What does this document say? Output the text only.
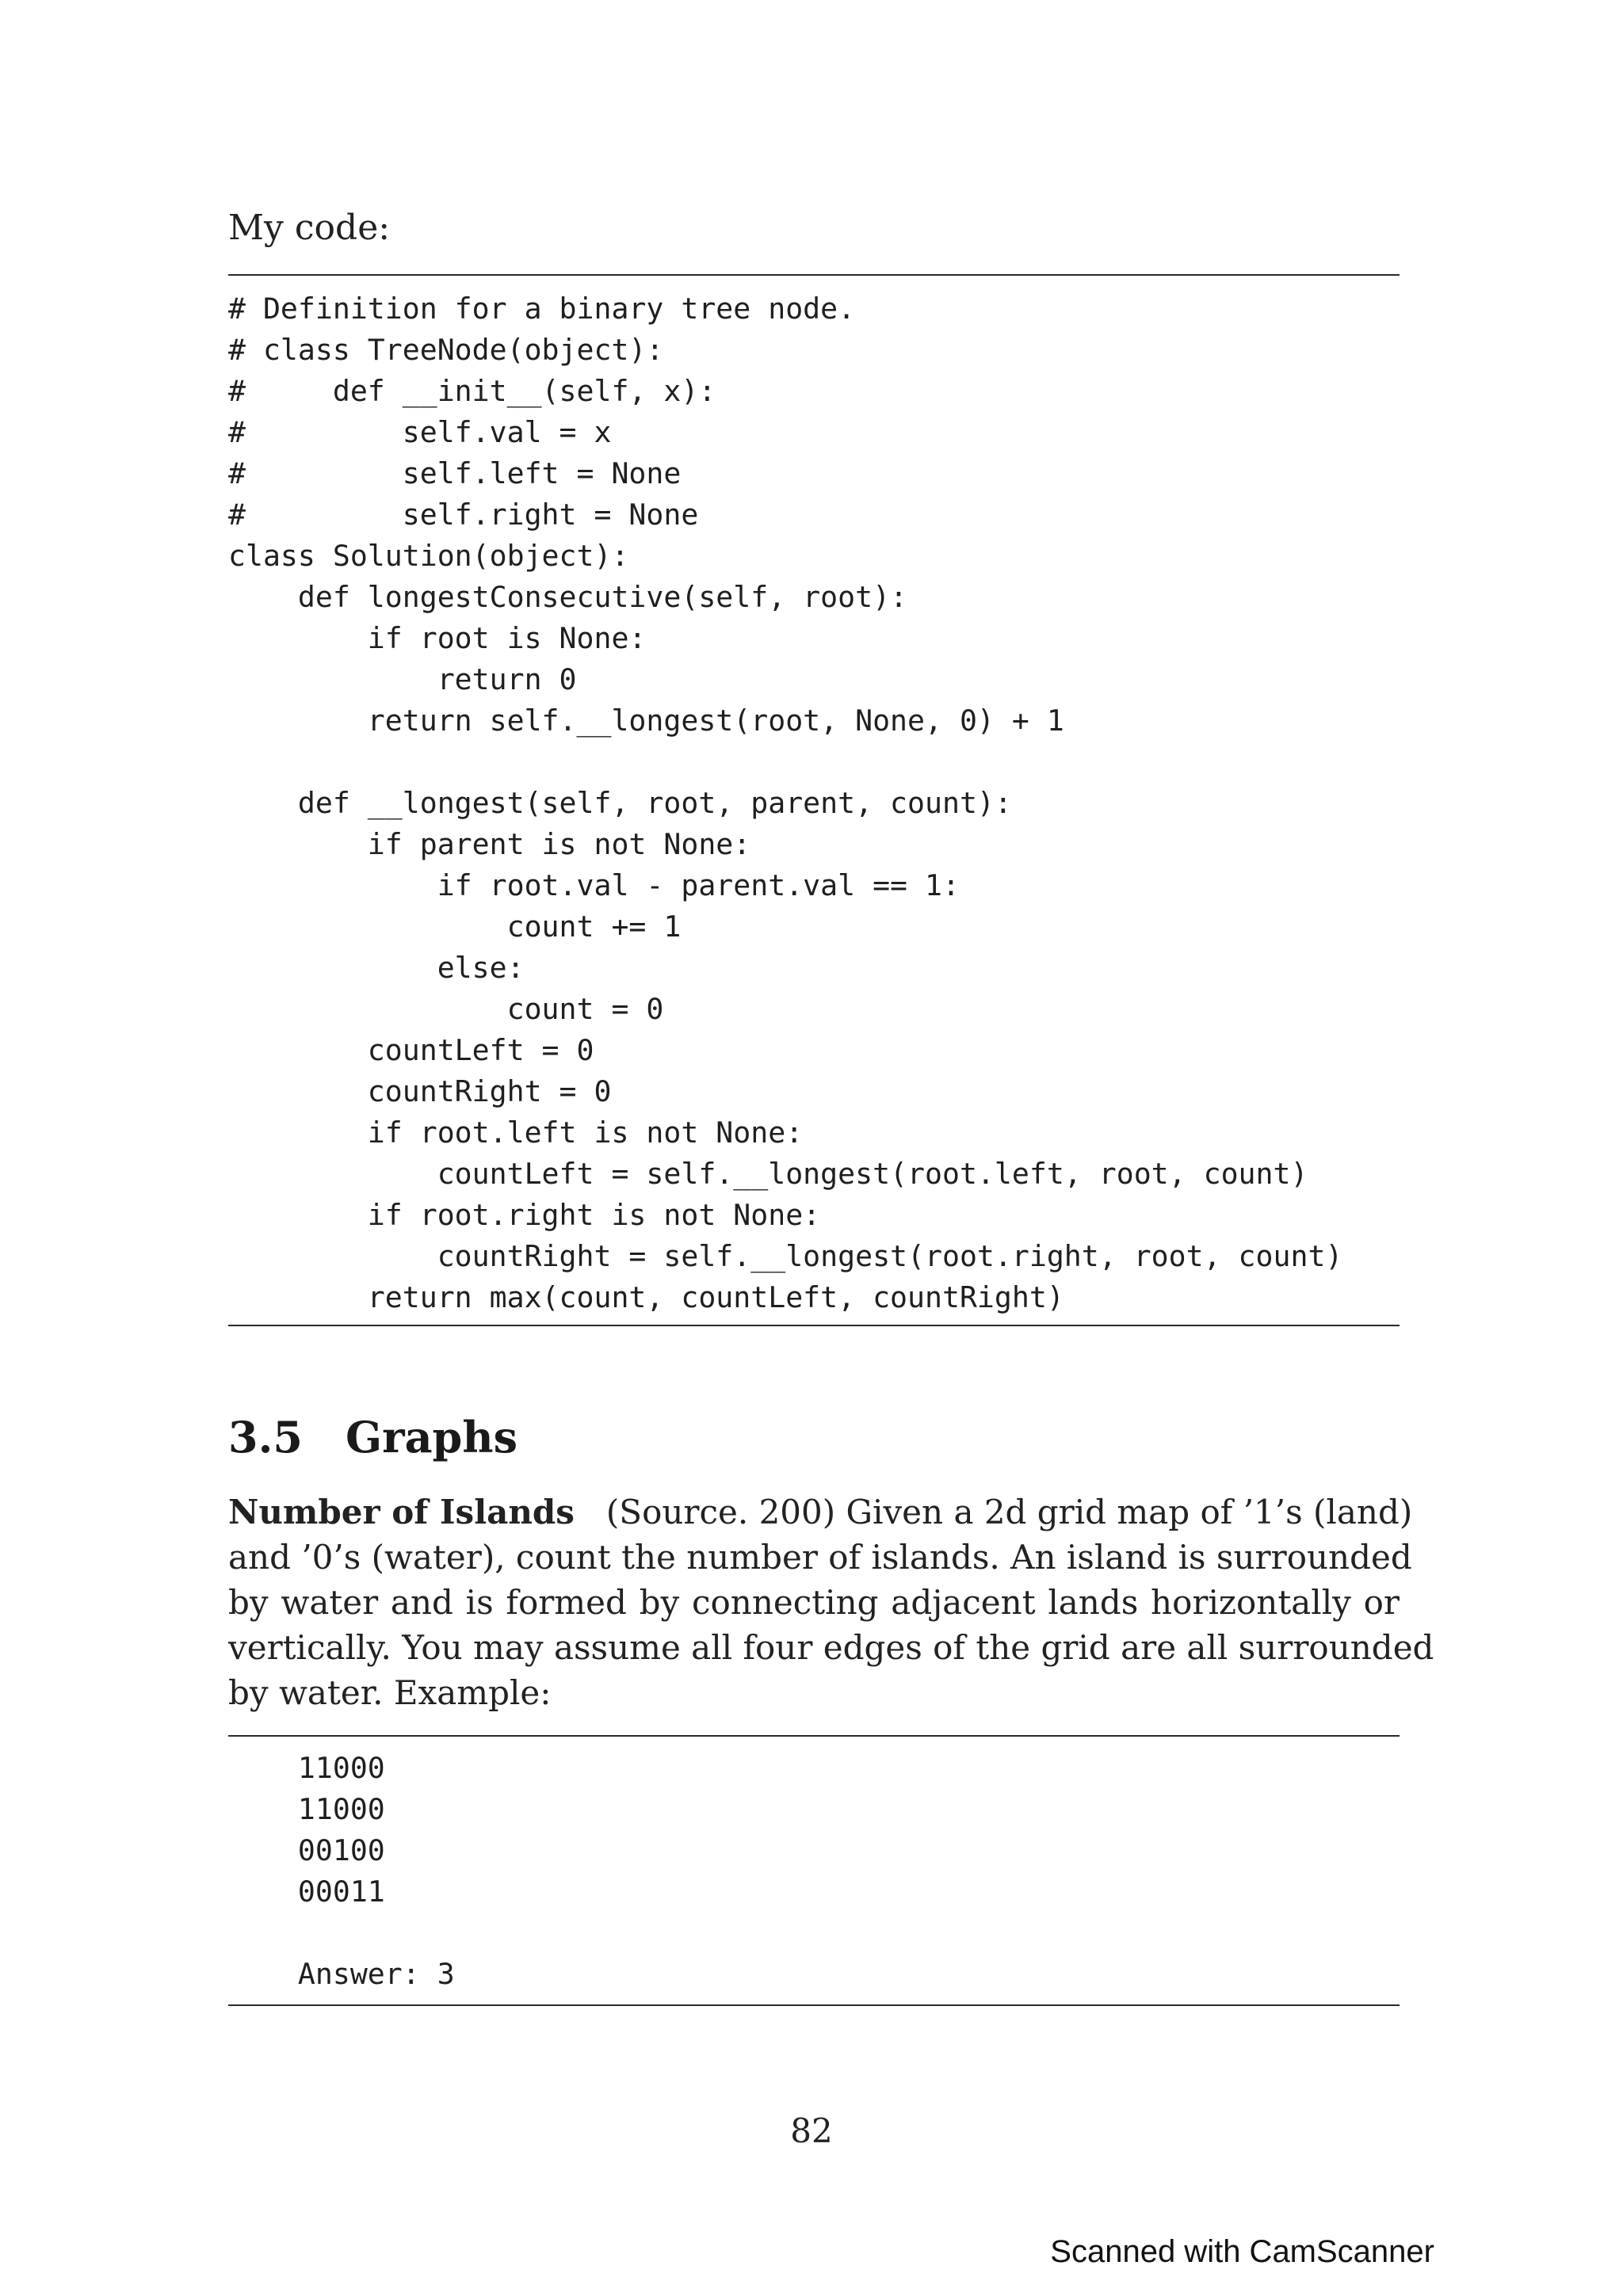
My code:
# Definition for a binary tree node.
# class TreeNode(object):
#     def __init__(self, x):
#         self.val = x
#         self.left = None
#         self.right = None
class Solution(object):
def longestConsecutive(self, root):
if root is None:
return 0
return self.__longest(root, None, 0) + 1
def __longest(self, root, parent, count):
if parent is not None:
if root.val - parent.val == 1:
count += 1
else:
count = 0
countLeft = 0
countRight = 0
if root.left is not None:
countLeft = self.__longest(root.left, root, count)
if root.right is not None:
countRight = self.__longest(root.right, root, count)
return max(count, countLeft, countRight)
3.5 Graphs
Number of Islands (Source. 200) Given a 2d grid map of ’1’s (land)
and ’0’s (water), count the number of islands. An island is surrounded
by water and is formed by connecting adjacent lands horizontally or
vertically. You may assume all four edges of the grid are all surrounded
by water. Example:
11000
11000
00100
00011
Answer: 3
82
Scanned with CamScanner
